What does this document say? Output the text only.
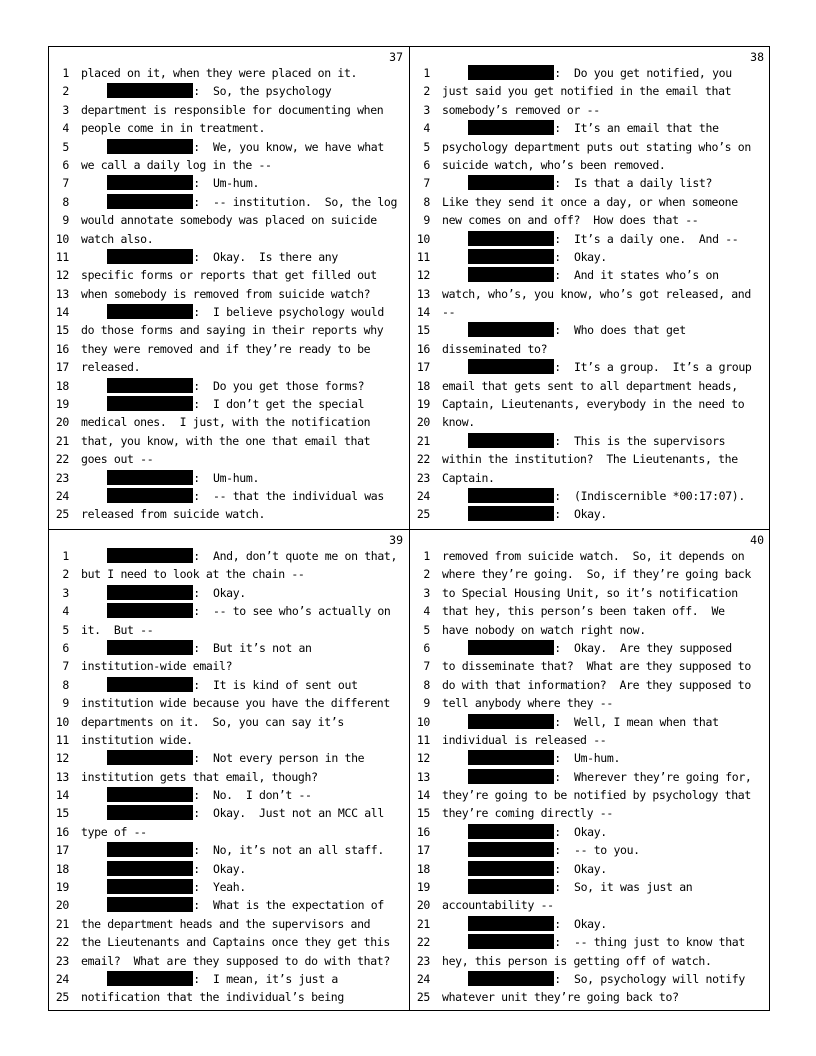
37
1 placed on it, when they were placed on it.
2	:  So, the psychology
3 department is responsible for documenting when
4 people come in in treatment.
5	:  We, you know, we have what
6 we call a daily log in the --
7	:  Um-hum.
8	:  -- institution.  So, the log
9 would annotate somebody was placed on suicide
10 watch also.
11	:  Okay.  Is there any
12 specific forms or reports that get filled out
13 when somebody is removed from suicide watch?
14	:  I believe psychology would
15 do those forms and saying in their reports why
16 they were removed and if they’re ready to be
17 released.
18	:  Do you get those forms?
19	:  I don’t get the special
20 medical ones.  I just, with the notification
21 that, you know, with the one that email that
22 goes out --
23	:  Um-hum.
24	:  -- that the individual was
25 released from suicide watch.
38
1	:  Do you get notified, you
2 just said you get notified in the email that
3 somebody’s removed or --
4	:  It’s an email that the
5 psychology department puts out stating who’s on
6 suicide watch, who’s been removed.
7	:  Is that a daily list?
8 Like they send it once a day, or when someone
9 new comes on and off?  How does that --
10	:  It’s a daily one.  And --
11	:  Okay.
12	:  And it states who’s on
13 watch, who’s, you know, who’s got released, and
14 --
15	:  Who does that get
16 disseminated to?
17	:  It’s a group.  It’s a group
18 email that gets sent to all department heads,
19 Captain, Lieutenants, everybody in the need to
20 know.
21	:  This is the supervisors
22 within the institution?  The Lieutenants, the
23 Captain.
24	:  (Indiscernible *00:17:07).
25	:  Okay.
39
1	:  And, don’t quote me on that,
2 but I need to look at the chain --
3	:  Okay.
4	:  -- to see who’s actually on
5 it.  But --
6	:  But it’s not an
7 institution-wide email?
8	:  It is kind of sent out
9 institution wide because you have the different
10 departments on it.  So, you can say it’s
11 institution wide.
12	:  Not every person in the
13 institution gets that email, though?
14	:  No.  I don’t --
15	:  Okay.  Just not an MCC all
16 type of --
17	:  No, it’s not an all staff.
18	:  Okay.
19	:  Yeah.
20	:  What is the expectation of
21 the department heads and the supervisors and
22 the Lieutenants and Captains once they get this
23 email?  What are they supposed to do with that?
24	:  I mean, it’s just a
25 notification that the individual’s being
40
1 removed from suicide watch.  So, it depends on
2 where they’re going.  So, if they’re going back
3 to Special Housing Unit, so it’s notification
4 that hey, this person’s been taken off.  We
5 have nobody on watch right now.
6	:  Okay.  Are they supposed
7 to disseminate that?  What are they supposed to
8 do with that information?  Are they supposed to
9 tell anybody where they --
10	:  Well, I mean when that
11 individual is released --
12	:  Um-hum.
13	:  Wherever they’re going for,
14 they’re going to be notified by psychology that
15 they’re coming directly --
16	:  Okay.
17	:  -- to you.
18	:  Okay.
19	:  So, it was just an
20 accountability --
21	:  Okay.
22	:  -- thing just to know that
23 hey, this person is getting off of watch.
24	:  So, psychology will notify
25 whatever unit they’re going back to?
